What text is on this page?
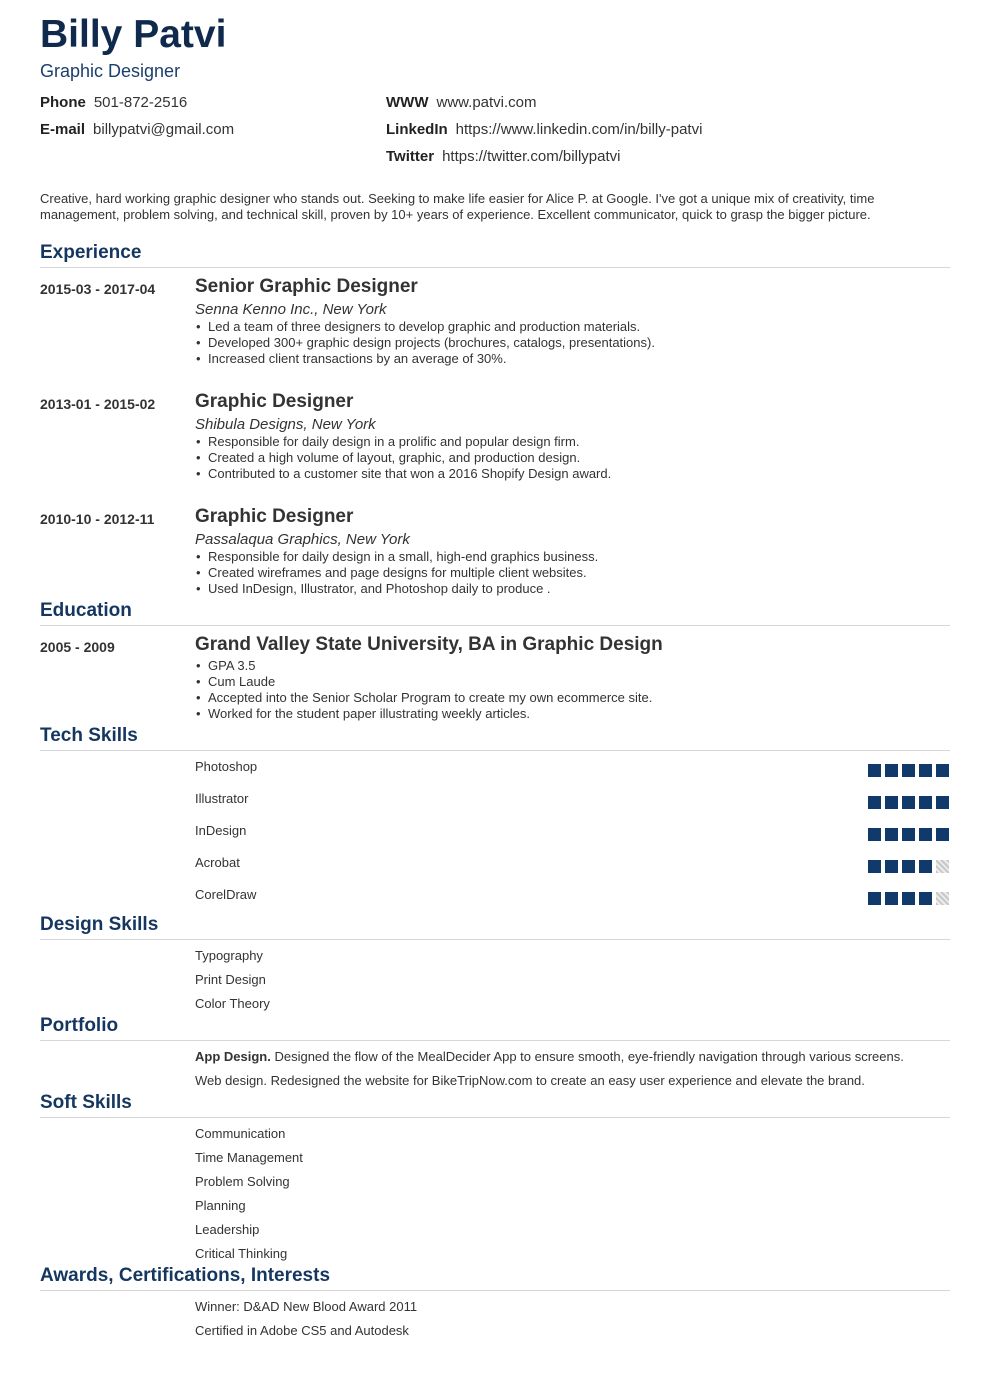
Billy Patvi
Graphic Designer
Phone 501-872-2516
E-mail billypatvi@gmail.com
WWW www.patvi.com
LinkedIn https://www.linkedin.com/in/billy-patvi
Twitter https://twitter.com/billypatvi
Creative, hard working graphic designer who stands out. Seeking to make life easier for Alice P. at Google. I've got a unique mix of creativity, time management, problem solving, and technical skill, proven by 10+ years of experience. Excellent communicator, quick to grasp the bigger picture.
Experience
2015-03 - 2017-04 Senior Graphic Designer
Senna Kenno Inc., New York
• Led a team of three designers to develop graphic and production materials.
• Developed 300+ graphic design projects (brochures, catalogs, presentations).
• Increased client transactions by an average of 30%.
2013-01 - 2015-02 Graphic Designer
Shibula Designs, New York
• Responsible for daily design in a prolific and popular design firm.
• Created a high volume of layout, graphic, and production design.
• Contributed to a customer site that won a 2016 Shopify Design award.
2010-10 - 2012-11 Graphic Designer
Passalaqua Graphics, New York
• Responsible for daily design in a small, high-end graphics business.
• Created wireframes and page designs for multiple client websites.
• Used InDesign, Illustrator, and Photoshop daily to produce .
Education
2005 - 2009	Grand Valley State University, BA in Graphic Design
• GPA 3.5
• Cum Laude
• Accepted into the Senior Scholar Program to create my own ecommerce site.
• Worked for the student paper illustrating weekly articles.
Tech Skills
Photoshop
Illustrator
InDesign
Acrobat
CorelDraw
Design Skills
Typography
Print Design
Color Theory
Portfolio
App Design. Designed the flow of the MealDecider App to ensure smooth, eye-friendly navigation through various screens.
Web design. Redesigned the website for BikeTripNow.com to create an easy user experience and elevate the brand.
Soft Skills
Communication
Time Management
Problem Solving
Planning
Leadership
Critical Thinking
Awards, Certifications, Interests
Winner: D&AD New Blood Award 2011
Certified in Adobe CS5 and Autodesk
